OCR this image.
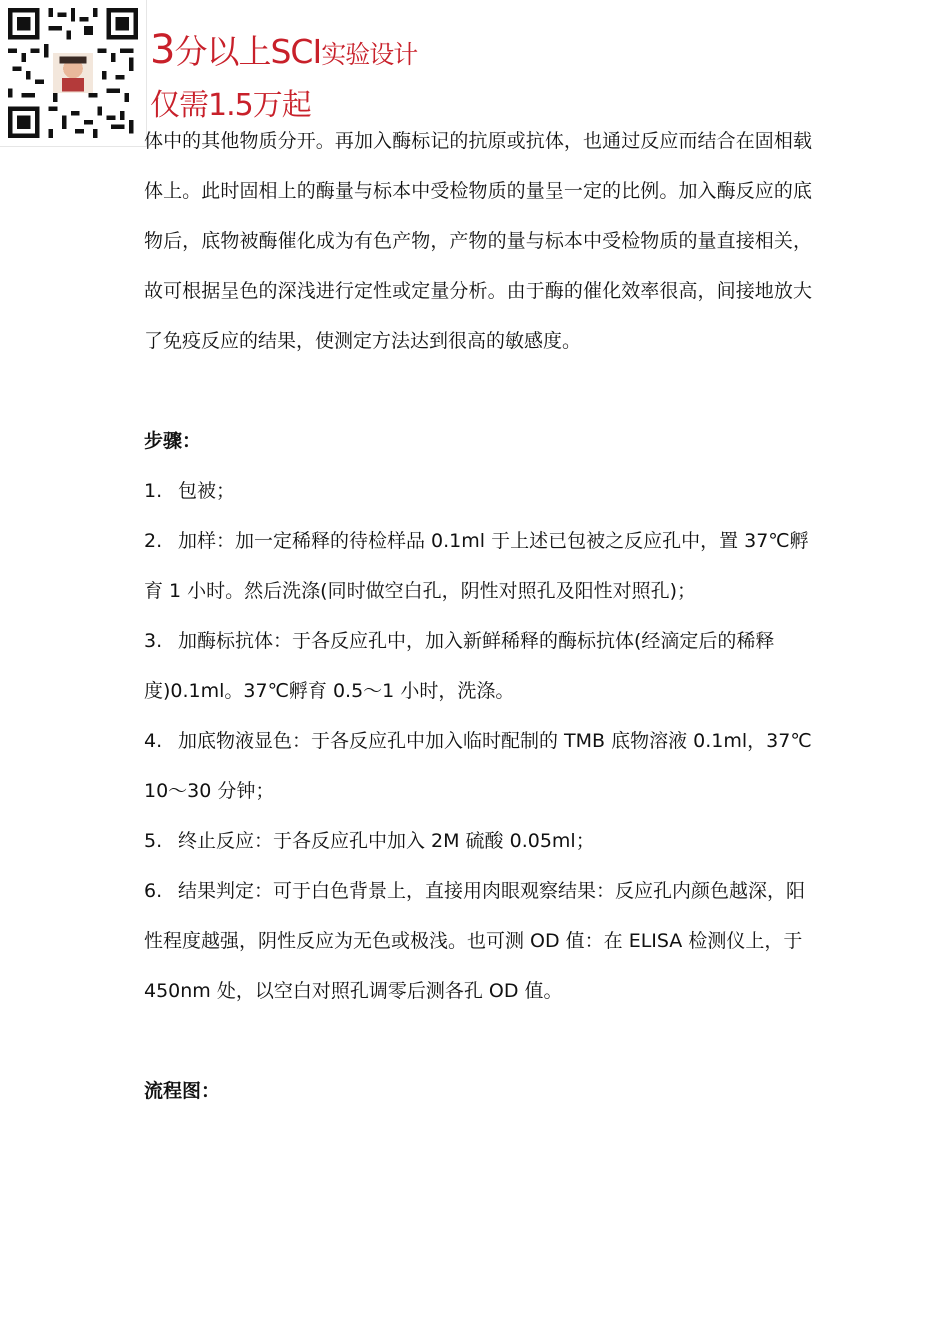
3分以上SCI实验设计
仅需1.5万起

体中的其他物质分开。再加入酶标记的抗原或抗体，也通过反应而结合在固相载体上。此时固相上的酶量与标本中受检物质的量呈一定的比例。加入酶反应的底物后，底物被酶催化成为有色产物，产物的量与标本中受检物质的量直接相关，故可根据呈色的深浅进行定性或定量分析。由于酶的催化效率很高，间接地放大了免疫反应的结果，使测定方法达到很高的敏感度。

步骤：

1. 包被；
2. 加样：加一定稀释的待检样品 0.1ml 于上述已包被之反应孔中，置 37℃孵育 1 小时。然后洗涤(同时做空白孔，阴性对照孔及阳性对照孔)；
3. 加酶标抗体：于各反应孔中，加入新鲜稀释的酶标抗体(经滴定后的稀释度)0.1ml。37℃孵育 0.5～1 小时，洗涤。
4. 加底物液显色：于各反应孔中加入临时配制的 TMB 底物溶液 0.1ml，37℃ 10～30 分钟；
5. 终止反应：于各反应孔中加入 2M 硫酸 0.05ml；
6. 结果判定：可于白色背景上，直接用肉眼观察结果：反应孔内颜色越深，阳性程度越强，阴性反应为无色或极浅。也可测 OD 值：在 ELISA 检测仪上，于 450nm 处，以空白对照孔调零后测各孔 OD 值。

流程图：
